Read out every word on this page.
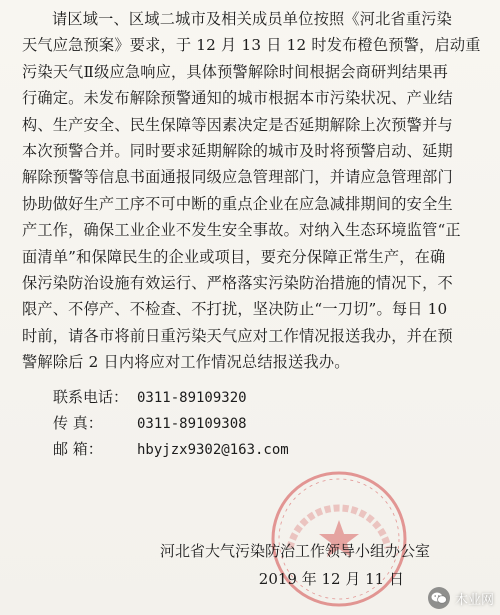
请区域一、区域二城市及相关成员单位按照《河北省重污染
天气应急预案》要求，于 12 月 13 日 12 时发布橙色预警，启动重
污染天气Ⅱ级应急响应，具体预警解除时间根据会商研判结果再
行确定。未发布解除预警通知的城市根据本市污染状况、产业结
构、生产安全、民生保障等因素决定是否延期解除上次预警并与
本次预警合并。同时要求延期解除的城市及时将预警启动、延期
解除预警等信息书面通报同级应急管理部门，并请应急管理部门
协助做好生产工序不可中断的重点企业在应急减排期间的安全生
产工作，确保工业企业不发生安全事故。对纳入生态环境监管“正
面清单”和保障民生的企业或项目，要充分保障正常生产，在确
保污染防治设施有效运行、严格落实污染防治措施的情况下，不
限产、不停产、不检查、不打扰，坚决防止“一刀切”。每日 10
时前，请各市将前日重污染天气应对工作情况报送我办，并在预
警解除后 2 日内将应对工作情况总结报送我办。
联系电话： 0311-89109320
传 真： 0311-89109308
邮 箱： hbyjzx9302@163.com
河北省大气污染防治工作领导小组办公室
2019 年 12 月 11 日
木业网
